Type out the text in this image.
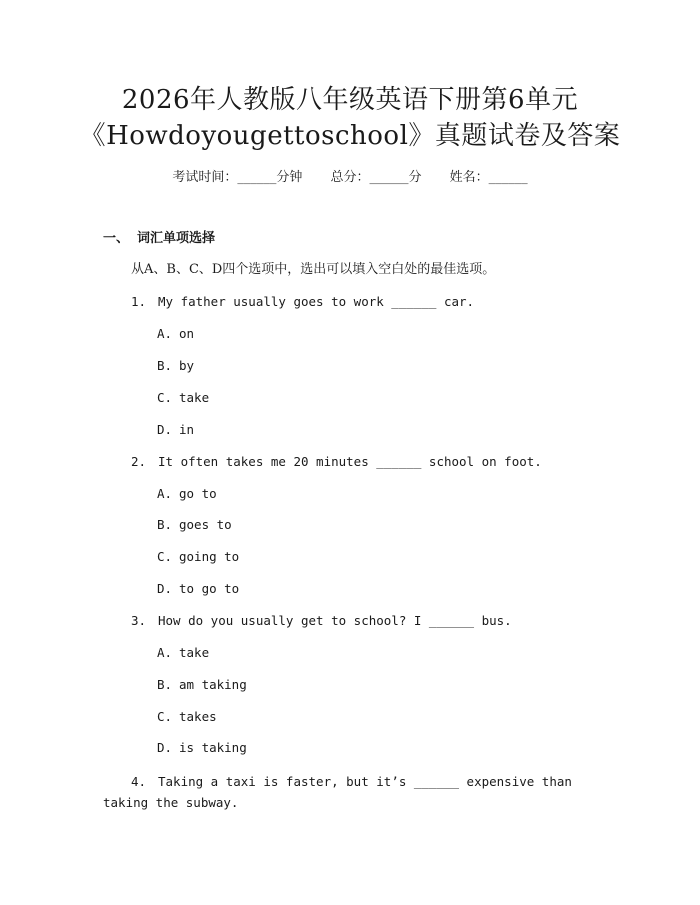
2026年人教版八年级英语下册第6单元
《Howdoyougettoschool》真题试卷及答案
考试时间：______分钟 总分：______分 姓名：______
一、 词汇单项选择
从A、B、C、D四个选项中，选出可以填入空白处的最佳选项。
1. My father usually goes to work ______ car.
A. on
B. by
C. take
D. in
2. It often takes me 20 minutes ______ school on foot.
A. go to
B. goes to
C. going to
D. to go to
3. How do you usually get to school? I ______ bus.
A. take
B. am taking
C. takes
D. is taking
4. Taking a taxi is faster, but it’s ______ expensive than taking the subway.
